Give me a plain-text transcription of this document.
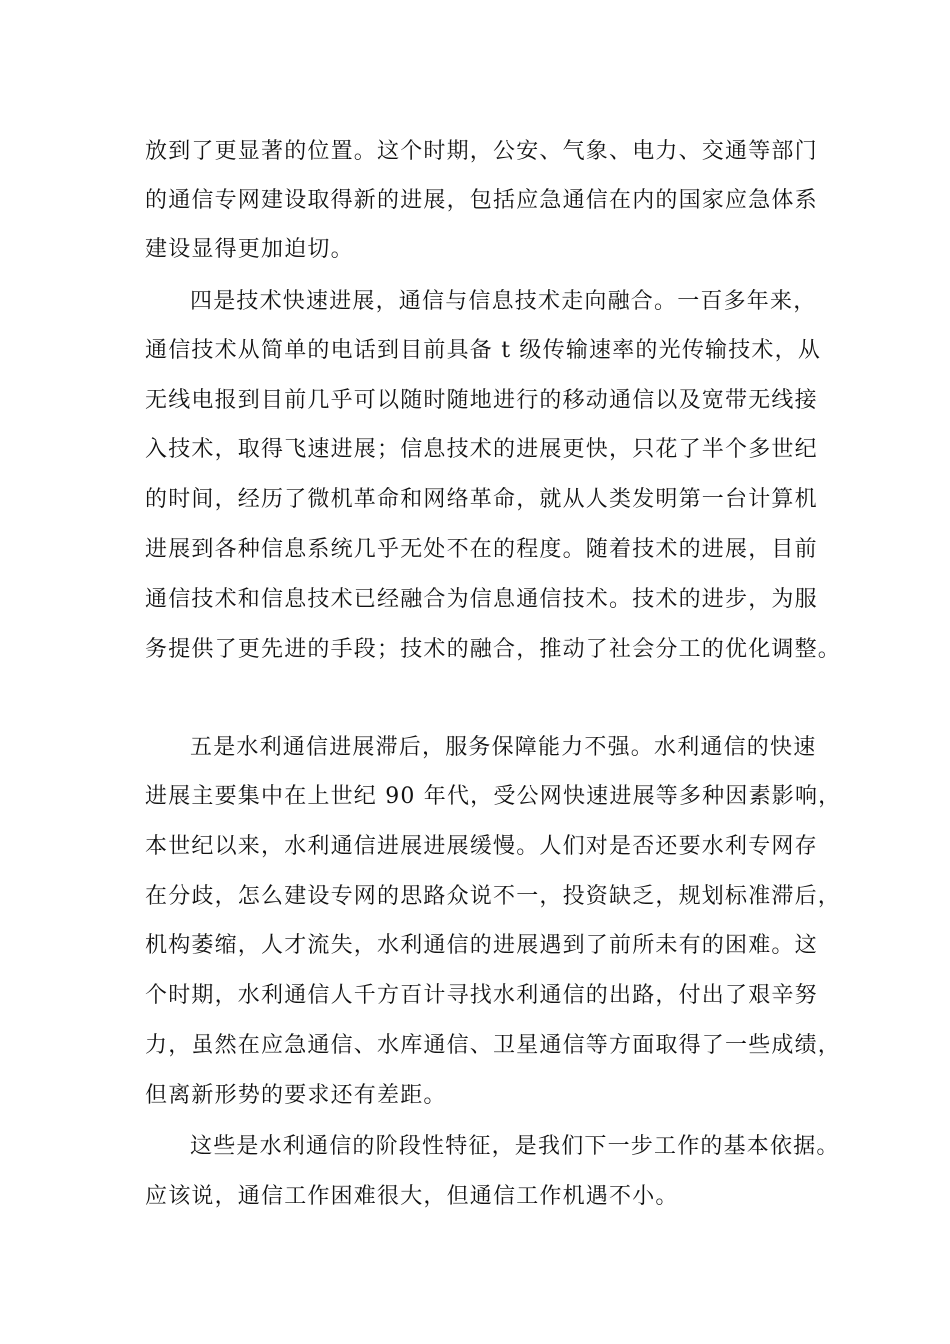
放到了更显著的位置。这个时期，公安、气象、电力、交通等部门
的通信专网建设取得新的进展，包括应急通信在内的国家应急体系
建设显得更加迫切。
四是技术快速进展，通信与信息技术走向融合。一百多年来，
通信技术从简单的电话到目前具备 t 级传输速率的光传输技术，从
无线电报到目前几乎可以随时随地进行的移动通信以及宽带无线接
入技术，取得飞速进展；信息技术的进展更快，只花了半个多世纪
的时间，经历了微机革命和网络革命，就从人类发明第一台计算机
进展到各种信息系统几乎无处不在的程度。随着技术的进展，目前
通信技术和信息技术已经融合为信息通信技术。技术的进步，为服
务提供了更先进的手段；技术的融合，推动了社会分工的优化调整。
五是水利通信进展滞后，服务保障能力不强。水利通信的快速
进展主要集中在上世纪 90 年代，受公网快速进展等多种因素影响，
本世纪以来，水利通信进展进展缓慢。人们对是否还要水利专网存
在分歧，怎么建设专网的思路众说不一，投资缺乏，规划标准滞后，
机构萎缩，人才流失，水利通信的进展遇到了前所未有的困难。这
个时期，水利通信人千方百计寻找水利通信的出路，付出了艰辛努
力，虽然在应急通信、水库通信、卫星通信等方面取得了一些成绩，
但离新形势的要求还有差距。
这些是水利通信的阶段性特征，是我们下一步工作的基本依据。
应该说，通信工作困难很大，但通信工作机遇不小。
